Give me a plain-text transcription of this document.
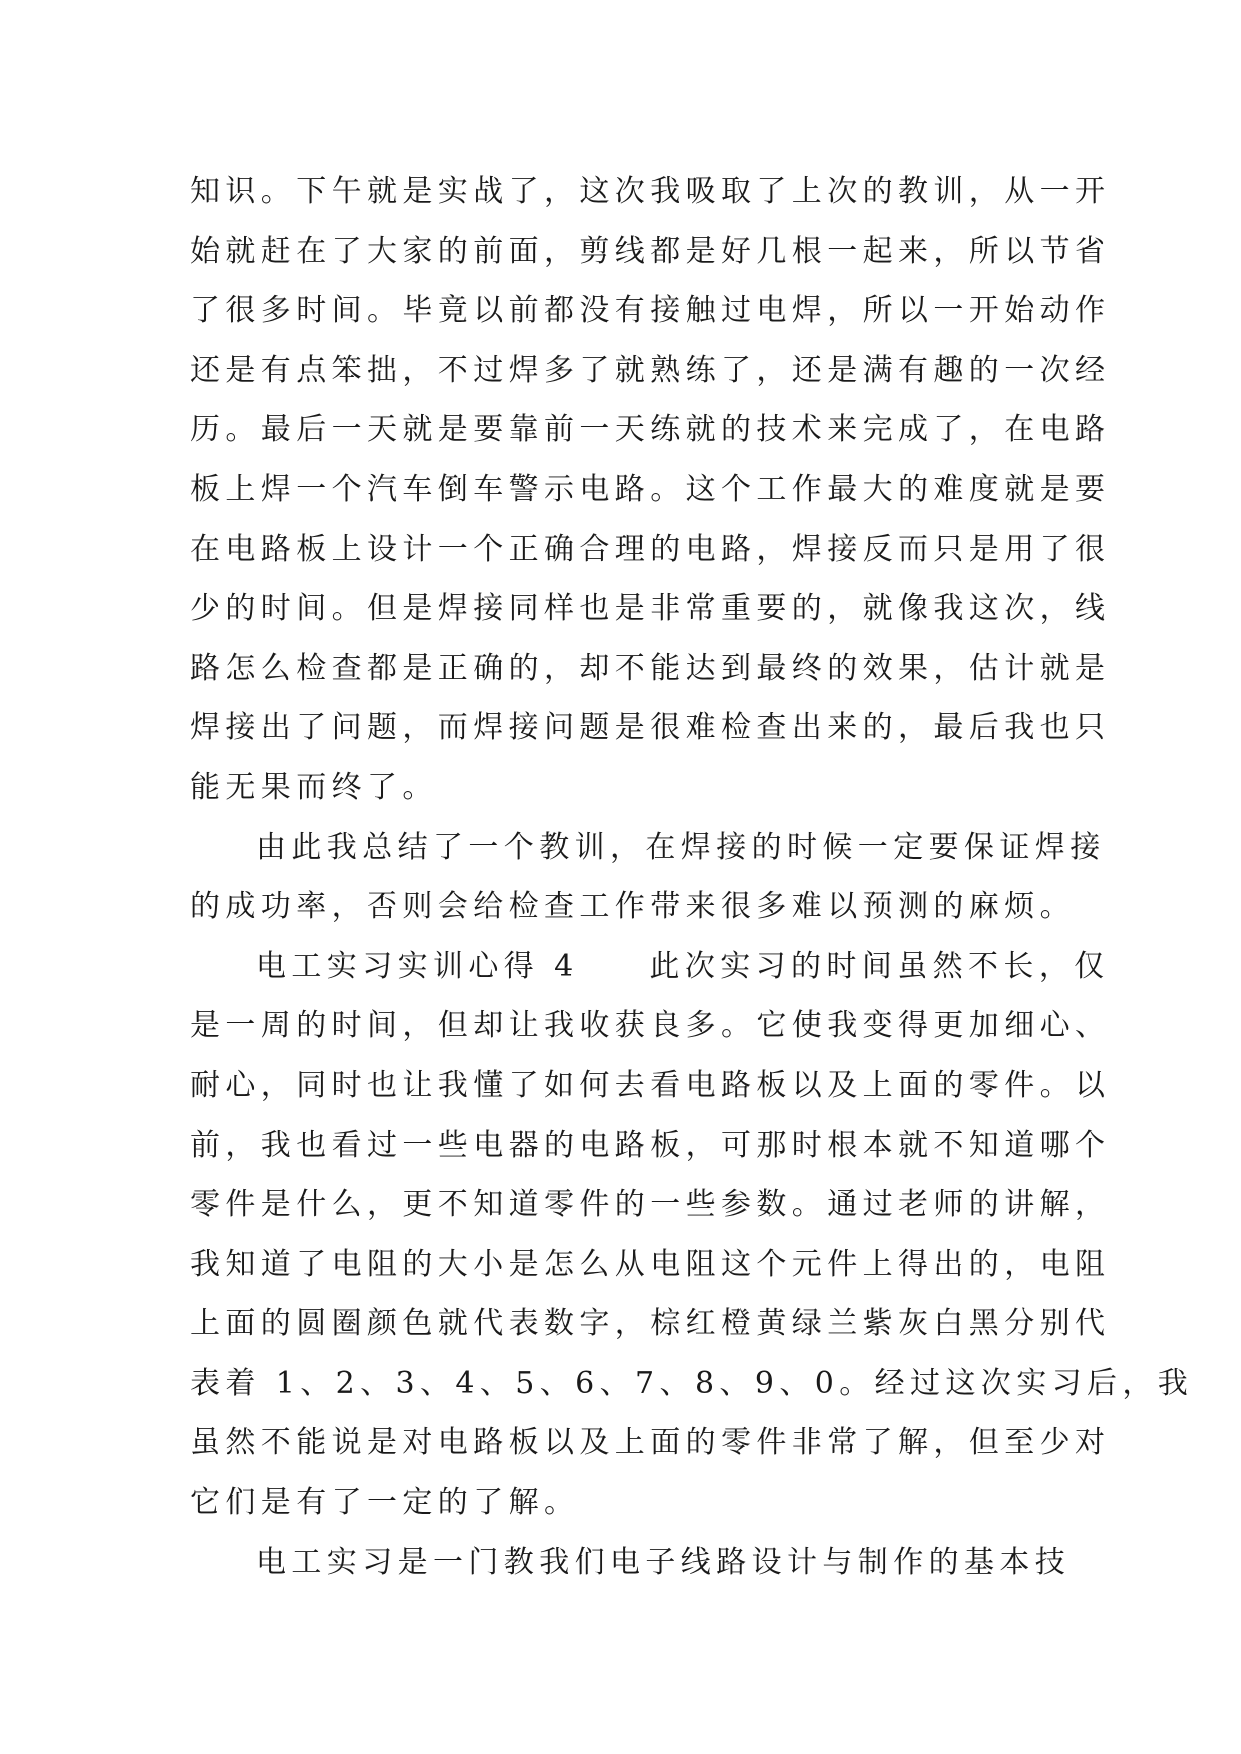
知识。下午就是实战了，这次我吸取了上次的教训，从一开
始就赶在了大家的前面，剪线都是好几根一起来，所以节省
了很多时间。毕竟以前都没有接触过电焊，所以一开始动作
还是有点笨拙，不过焊多了就熟练了，还是满有趣的一次经
历。最后一天就是要靠前一天练就的技术来完成了，在电路
板上焊一个汽车倒车警示电路。这个工作最大的难度就是要
在电路板上设计一个正确合理的电路，焊接反而只是用了很
少的时间。但是焊接同样也是非常重要的，就像我这次，线
路怎么检查都是正确的，却不能达到最终的效果，估计就是
焊接出了问题，而焊接问题是很难检查出来的，最后我也只
能无果而终了。
由此我总结了一个教训，在焊接的时候一定要保证焊接
的成功率，否则会给检查工作带来很多难以预测的麻烦。
电工实习实训心得 4　　此次实习的时间虽然不长，仅
是一周的时间，但却让我收获良多。它使我变得更加细心、
耐心，同时也让我懂了如何去看电路板以及上面的零件。以
前，我也看过一些电器的电路板，可那时根本就不知道哪个
零件是什么，更不知道零件的一些参数。通过老师的讲解，
我知道了电阻的大小是怎么从电阻这个元件上得出的，电阻
上面的圆圈颜色就代表数字，棕红橙黄绿兰紫灰白黑分别代
表着 1、2、3、4、5、6、7、8、9、0。经过这次实习后，我
虽然不能说是对电路板以及上面的零件非常了解，但至少对
它们是有了一定的了解。
电工实习是一门教我们电子线路设计与制作的基本技
